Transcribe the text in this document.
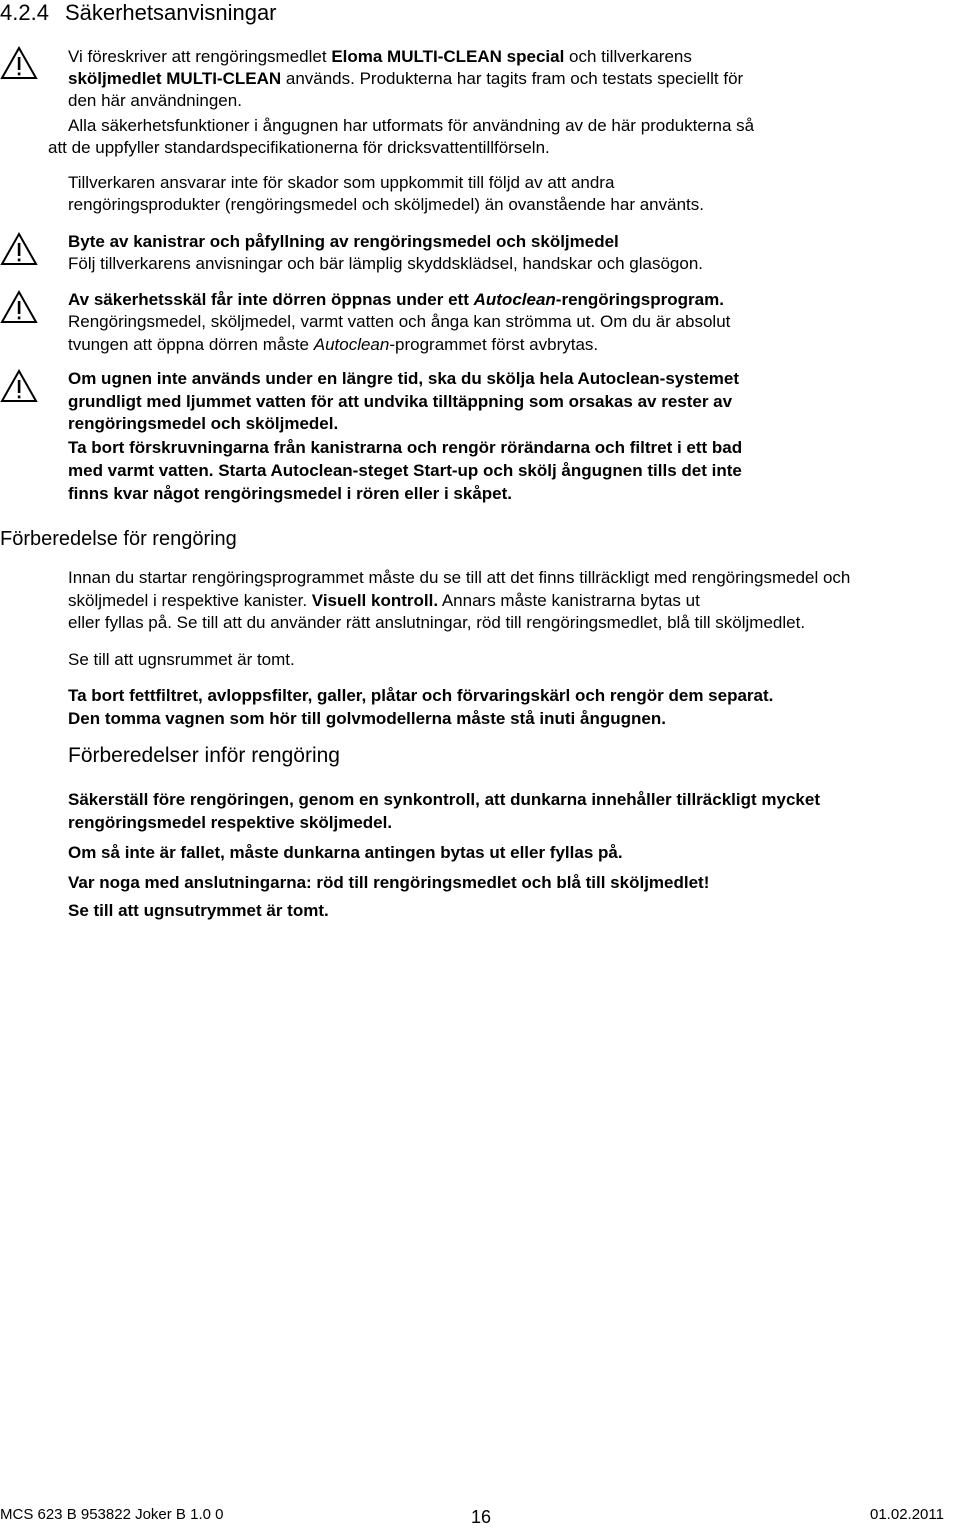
4.2.4 Säkerhetsanvisningar
Vi föreskriver att rengöringsmedlet Eloma MULTI-CLEAN special och tillverkarens
sköljmedlet MULTI-CLEAN används. Produkterna har tagits fram och testats speciellt för
den här användningen.
Alla säkerhetsfunktioner i ångugnen har utformats för användning av de här produkterna så
att de uppfyller standardspecifikationerna för dricksvattentillförseln.
Tillverkaren ansvarar inte för skador som uppkommit till följd av att andra
rengöringsprodukter (rengöringsmedel och sköljmedel) än ovanstående har använts.
Byte av kanistrar och påfyllning av rengöringsmedel och sköljmedel
Följ tillverkarens anvisningar och bär lämplig skyddsklädsel, handskar och glasögon.
Av säkerhetsskäl får inte dörren öppnas under ett Autoclean-rengöringsprogram.
Rengöringsmedel, sköljmedel, varmt vatten och ånga kan strömma ut. Om du är absolut
tvungen att öppna dörren måste Autoclean-programmet först avbrytas.
Om ugnen inte används under en längre tid, ska du skölja hela Autoclean-systemet
grundligt med ljummet vatten för att undvika tilltäppning som orsakas av rester av
rengöringsmedel och sköljmedel.
Ta bort förskruvningarna från kanistrarna och rengör rörändarna och filtret i ett bad
med varmt vatten. Starta Autoclean-steget Start-up och skölj ångugnen tills det inte
finns kvar något rengöringsmedel i rören eller i skåpet.
Förberedelse för rengöring
Innan du startar rengöringsprogrammet måste du se till att det finns tillräckligt med rengöringsmedel och
sköljmedel i respektive kanister. Visuell kontroll. Annars måste kanistrarna bytas ut
eller fyllas på. Se till att du använder rätt anslutningar, röd till rengöringsmedlet, blå till sköljmedlet.
Se till att ugnsrummet är tomt.
Ta bort fettfiltret, avloppsfilter, galler, plåtar och förvaringskärl och rengör dem separat.
Den tomma vagnen som hör till golvmodellerna måste stå inuti ångugnen.
Förberedelser inför rengöring
Säkerställ före rengöringen, genom en synkontroll, att dunkarna innehåller tillräckligt mycket
rengöringsmedel respektive sköljmedel.
Om så inte är fallet, måste dunkarna antingen bytas ut eller fyllas på.
Var noga med anslutningarna: röd till rengöringsmedlet och blå till sköljmedlet!
Se till att ugnsutrymmet är tomt.
MCS 623 B 953822 Joker B 1.0 0	16	01.02.2011
